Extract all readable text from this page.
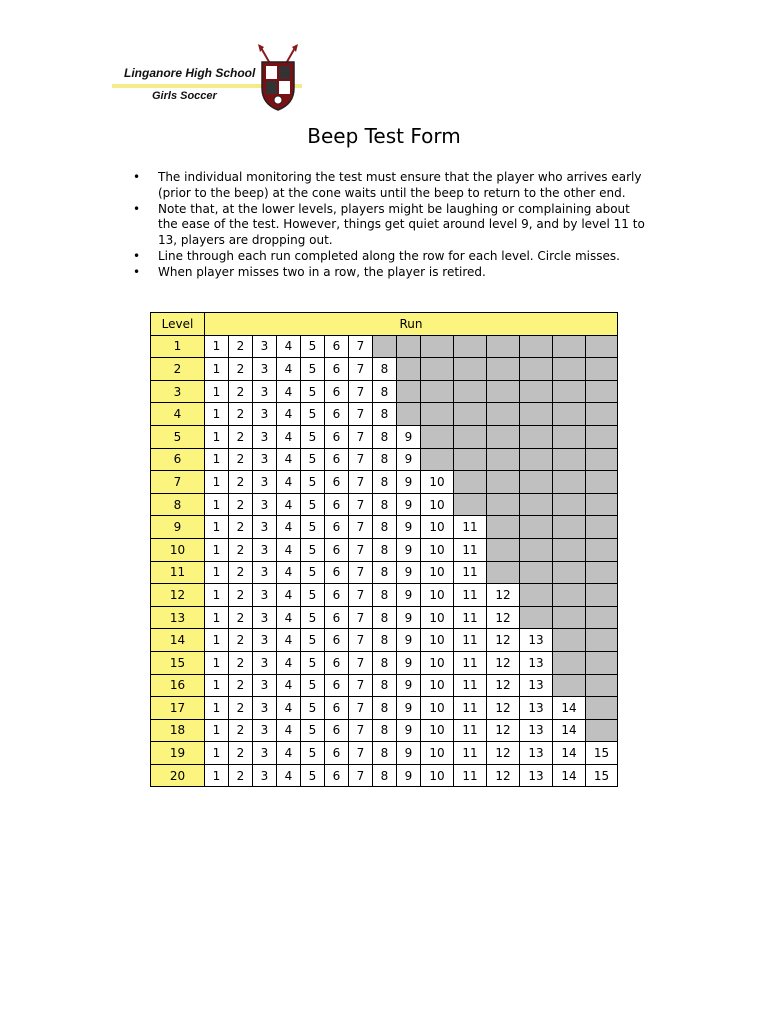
Linganore High School
Girls Soccer
Beep Test Form
• The individual monitoring the test must ensure that the player who arrives early (prior to the beep) at the cone waits until the beep to return to the other end.
• Note that, at the lower levels, players might be laughing or complaining about the ease of the test. However, things get quiet around level 9, and by level 11 to 13, players are dropping out.
• Line through each run completed along the row for each level. Circle misses.
• When player misses two in a row, the player is retired.
Level	Run														
1	1	2	3	4	5	6	7								
2	1	2	3	4	5	6	7	8							
3	1	2	3	4	5	6	7	8							
4	1	2	3	4	5	6	7	8							
5	1	2	3	4	5	6	7	8	9						
6	1	2	3	4	5	6	7	8	9						
7	1	2	3	4	5	6	7	8	9	10					
8	1	2	3	4	5	6	7	8	9	10					
9	1	2	3	4	5	6	7	8	9	10	11				
10	1	2	3	4	5	6	7	8	9	10	11				
11	1	2	3	4	5	6	7	8	9	10	11				
12	1	2	3	4	5	6	7	8	9	10	11	12			
13	1	2	3	4	5	6	7	8	9	10	11	12			
14	1	2	3	4	5	6	7	8	9	10	11	12	13		
15	1	2	3	4	5	6	7	8	9	10	11	12	13		
16	1	2	3	4	5	6	7	8	9	10	11	12	13		
17	1	2	3	4	5	6	7	8	9	10	11	12	13	14	
18	1	2	3	4	5	6	7	8	9	10	11	12	13	14	
19	1	2	3	4	5	6	7	8	9	10	11	12	13	14	15
20	1	2	3	4	5	6	7	8	9	10	11	12	13	14	15
